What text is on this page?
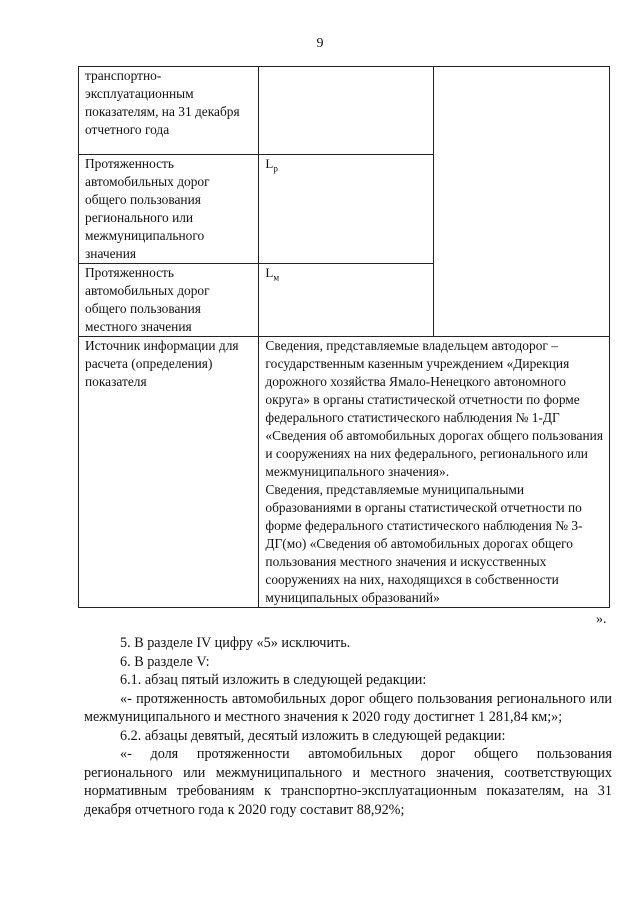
9
транспортно-эксплуатационным показателям, на 31 декабря отчетного года		
Протяженность автомобильных дорог общего пользования регионального или межмуниципального значения	$L_р$
Протяженность автомобильных дорог общего пользования местного значения	$L_м$
Источник информации для расчета (определения) показателя	Сведения, представляемые владельцем автодорог – государственным казенным учреждением «Дирекция дорожного хозяйства Ямало-Ненецкого автономного округа» в органы статистической отчетности по форме федерального статистического наблюдения № 1-ДГ «Сведения об автомобильных дорогах общего пользования и сооружениях на них федерального, регионального или межмуниципального значения».
Сведения, представляемые муниципальными образованиями в органы статистической отчетности по форме федерального статистического наблюдения № 3-ДГ(мо) «Сведения об автомобильных дорогах общего пользования местного значения и искусственных сооружениях на них, находящихся в собственности муниципальных образований»	
».

5. В разделе IV цифру «5» исключить.

6. В разделе V:

6.1. абзац пятый изложить в следующей редакции:

«- протяженность автомобильных дорог общего пользования регионального или межмуниципального и местного значения к 2020 году достигнет 1 281,84 км;»;

6.2. абзацы девятый, десятый изложить в следующей редакции:

«- доля протяженности автомобильных дорог общего пользования регионального или межмуниципального и местного значения, соответствующих нормативным требованиям к транспортно-эксплуатационным показателям, на 31 декабря отчетного года к 2020 году составит 88,92%;
